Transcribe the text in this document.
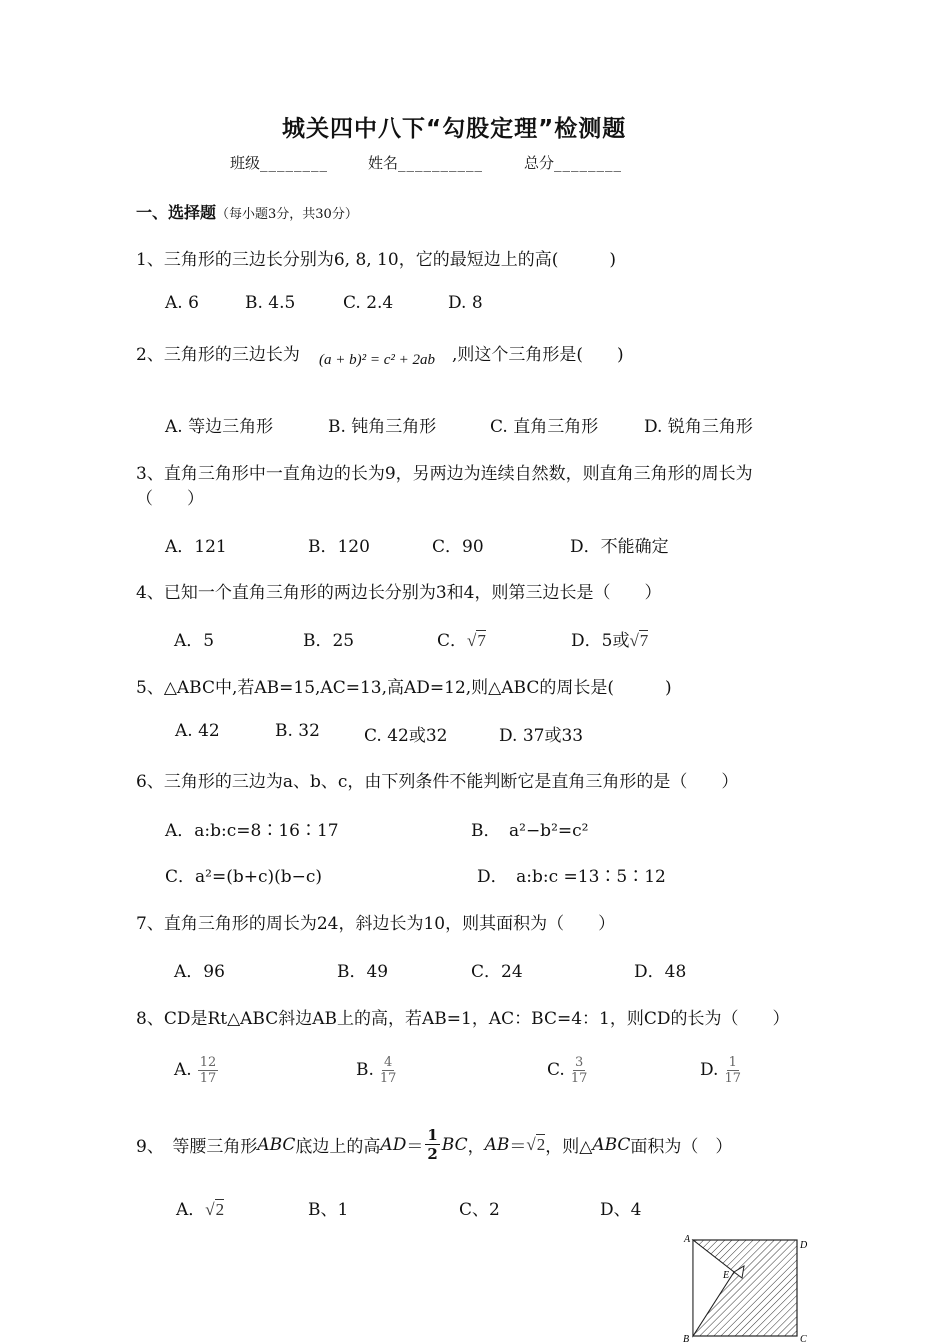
城关四中八下“勾股定理”检测题
班级________	姓名__________	总分________
一、选择题（每小题3分，共30分）
1、三角形的三边长分别为6, 8, 10，它的最短边上的高(　　　)
A. 6	B. 4.5	C. 2.4	D. 8
2、三角形的三边长为 (a + b)² = c² + 2ab ,则这个三角形是(　　)
A. 等边三角形	B. 钝角三角形	C. 直角三角形	D. 锐角三角形
3、直角三角形中一直角边的长为9，另两边为连续自然数，则直角三角形的周长为
（　　）
A．121	B．120	C．90	D．不能确定
4、已知一个直角三角形的两边长分别为3和4，则第三边长是（　　）
A．5	B．25	C．√7	D．5或√7
5、△ABC中,若AB=15,AC=13,高AD=12,则△ABC的周长是(　　　)
A. 42	B. 32	C. 42或32	D. 37或33
6、三角形的三边为a、b、c，由下列条件不能判断它是直角三角形的是（　　）
A．a:b:c=8∶16∶17	B．　a²−b²=c²
C．a²=(b+c)(b−c)	D．　a:b:c =13∶5∶12
7、直角三角形的周长为24，斜边长为10，则其面积为（　　）
A．96	B．49	C．24	D．48
8、CD是Rt△ABC斜边AB上的高，若AB=1，AC：BC=4：1，则CD的长为（　　）
A. $\frac{12}{17}$	B. $\frac{4}{17}$	C. $\frac{3}{17}$	D. $\frac{1}{17}$
9、　等腰三角形 ABC 底边上的高 AD ＝ $\frac{1}{2}$ BC ， AB ＝ √2 ，则△ ABC 面积为（　）
A．√2	B、1	C、2	D、4
A
D
E
B	C
